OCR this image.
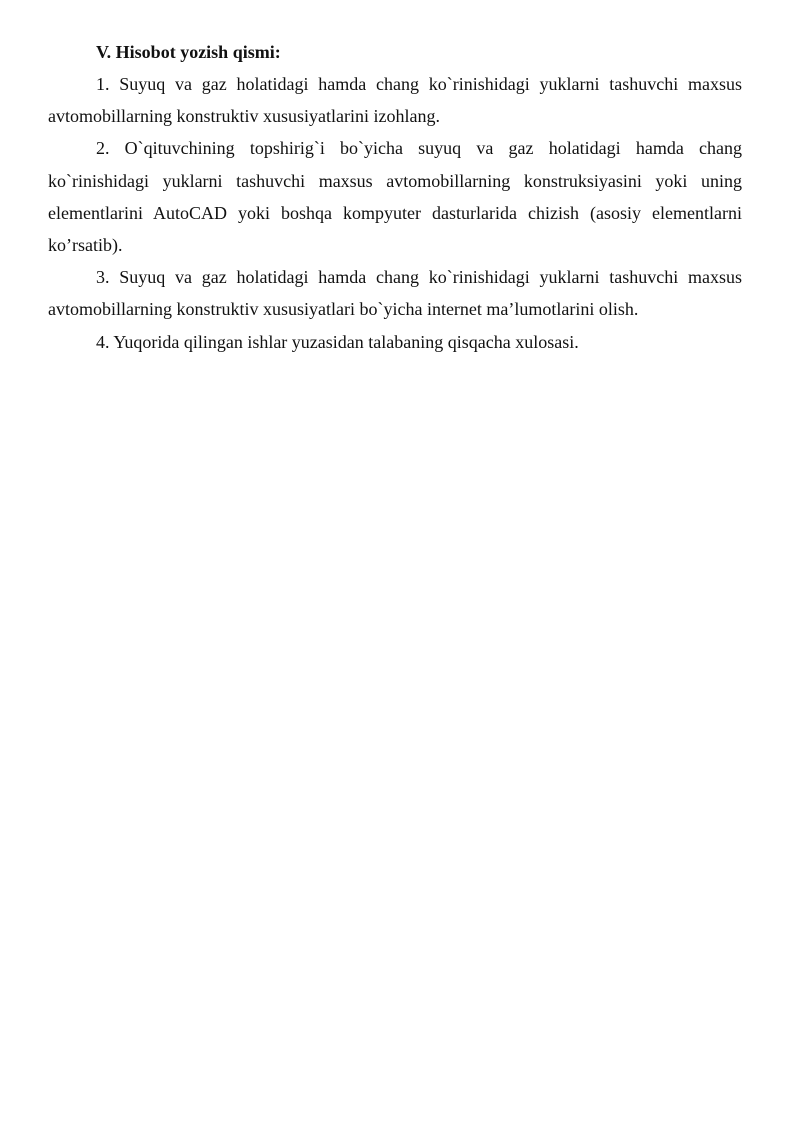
V. Hisobot yozish qismi:

1. Suyuq va gaz holatidagi hamda chang ko`rinishidagi yuklarni tashuvchi maxsus avtomobillarning konstruktiv xususiyatlarini izohlang.

2. O`qituvchining topshirig`i bo`yicha suyuq va gaz holatidagi hamda chang ko`rinishidagi yuklarni tashuvchi maxsus avtomobillarning konstruksiyasini yoki uning elementlarini AutoCAD yoki boshqa kompyuter dasturlarida chizish (asosiy elementlarni ko’rsatib).

3. Suyuq va gaz holatidagi hamda chang ko`rinishidagi yuklarni tashuvchi maxsus avtomobillarning konstruktiv xususiyatlari bo`yicha internet ma’lumotlarini olish.

4. Yuqorida qilingan ishlar yuzasidan talabaning qisqacha xulosasi.
